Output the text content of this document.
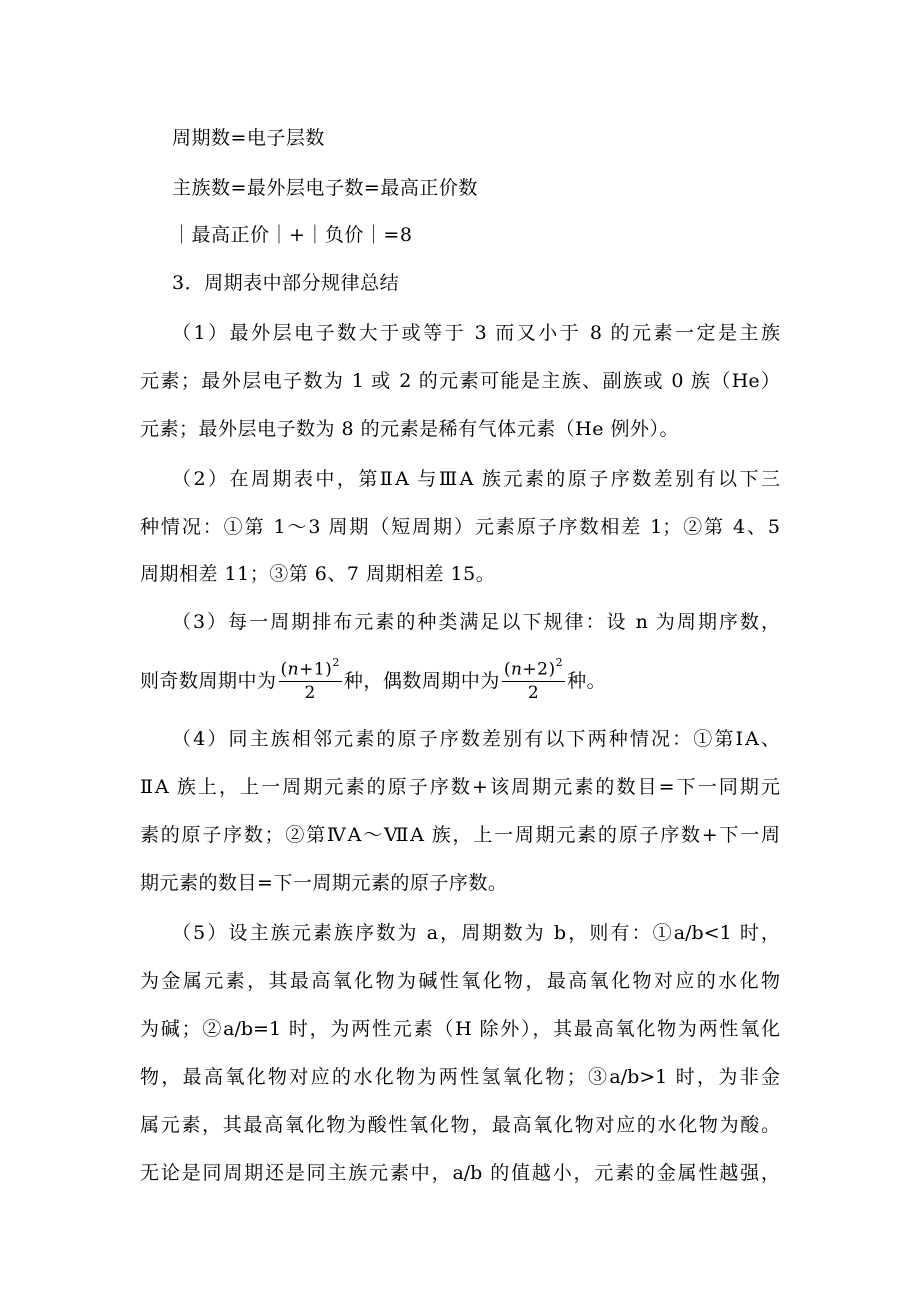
周期数=电子层数
主族数=最外层电子数=最高正价数
｜最高正价｜+｜负价｜=8
3．周期表中部分规律总结
（1）最外层电子数大于或等于 3 而又小于 8 的元素一定是主族
元素；最外层电子数为 1 或 2 的元素可能是主族、副族或 0 族（He）
元素；最外层电子数为 8 的元素是稀有气体元素（He 例外）。
（2）在周期表中，第ⅡA 与ⅢA 族元素的原子序数差别有以下三
种情况：①第 1～3 周期（短周期）元素原子序数相差 1；②第 4、5
周期相差 11；③第 6、7 周期相差 15。
（3）每一周期排布元素的种类满足以下规律：设 n 为周期序数，
则奇数周期中为 $\frac{(n+1)^2}{2}$ 种，偶数周期中为 $\frac{(n+2)^2}{2}$ 种。
（4）同主族相邻元素的原子序数差别有以下两种情况：①第ⅠA、
ⅡA 族上，上一周期元素的原子序数+该周期元素的数目=下一同期元
素的原子序数；②第ⅣA～ⅦA 族，上一周期元素的原子序数+下一周
期元素的数目=下一周期元素的原子序数。
（5）设主族元素族序数为 a，周期数为 b，则有：①a/b<1 时，
为金属元素，其最高氧化物为碱性氧化物，最高氧化物对应的水化物
为碱；②a/b=1 时，为两性元素（H 除外），其最高氧化物为两性氧化
物，最高氧化物对应的水化物为两性氢氧化物；③a/b>1 时，为非金
属元素，其最高氧化物为酸性氧化物，最高氧化物对应的水化物为酸。
无论是同周期还是同主族元素中，a/b 的值越小，元素的金属性越强，
